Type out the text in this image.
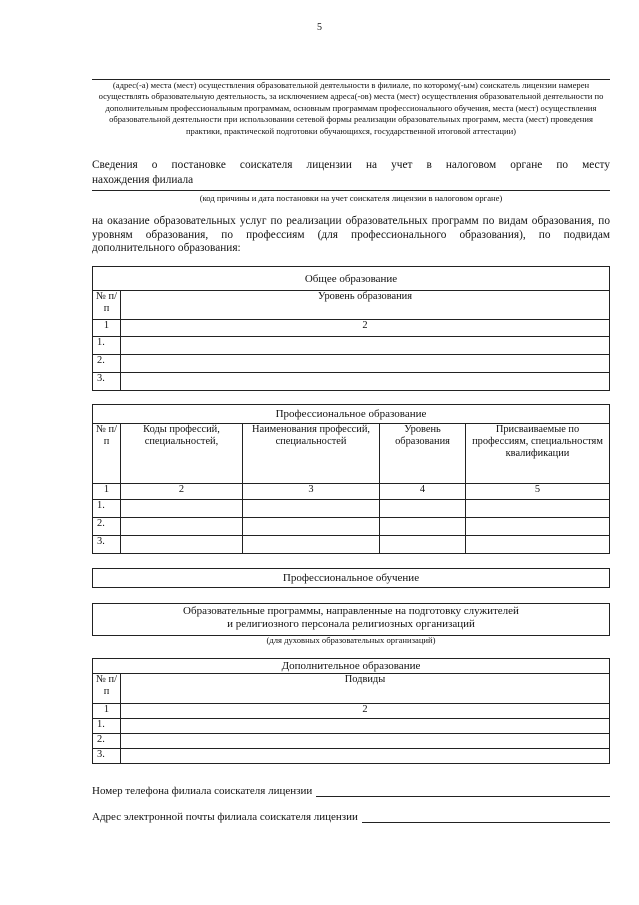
5
(адрес(-а) места (мест) осуществления образовательной деятельности в филиале, по которому(-ым) соискатель лицензии намерен осуществлять образовательную деятельность, за исключением адреса(-ов) места (мест) осуществления образовательной деятельности по дополнительным профессиональным программам, основным программам профессионального обучения, места (мест) осуществления образовательной деятельности при использовании сетевой формы реализации образовательных программ, места (мест) проведения практики, практической подготовки обучающихся, государственной итоговой аттестации)
Сведения о постановке соискателя лицензии на учет в налоговом органе по месту
нахождения филиала
(код причины и дата постановки на учет соискателя лицензии в налоговом органе)
на оказание образовательных услуг по реализации образовательных программ по видам образования, по уровням образования, по профессиям (для профессионального образования), по подвидам дополнительного образования:
Общее образование	
№ п/п	Уровень образования
1	2
1.	
2.	
3.	
Профессиональное образование				
№ п/п	Коды профессий, специальностей,	Наименования профессий, специальностей	Уровень образования	Присваиваемые по профессиям, специальностям квалификации
1	2	3	4	5
1.				
2.				
3.				
Профессиональное обучение
Образовательные программы, направленные на подготовку служителей
и религиозного персонала религиозных организаций
(для духовных образовательных организаций)
Дополнительное образование	
№ п/п	Подвиды
1	2
1.	
2.	
3.	
Номер телефона филиала соискателя лицензии
Адрес электронной почты филиала соискателя лицензии
